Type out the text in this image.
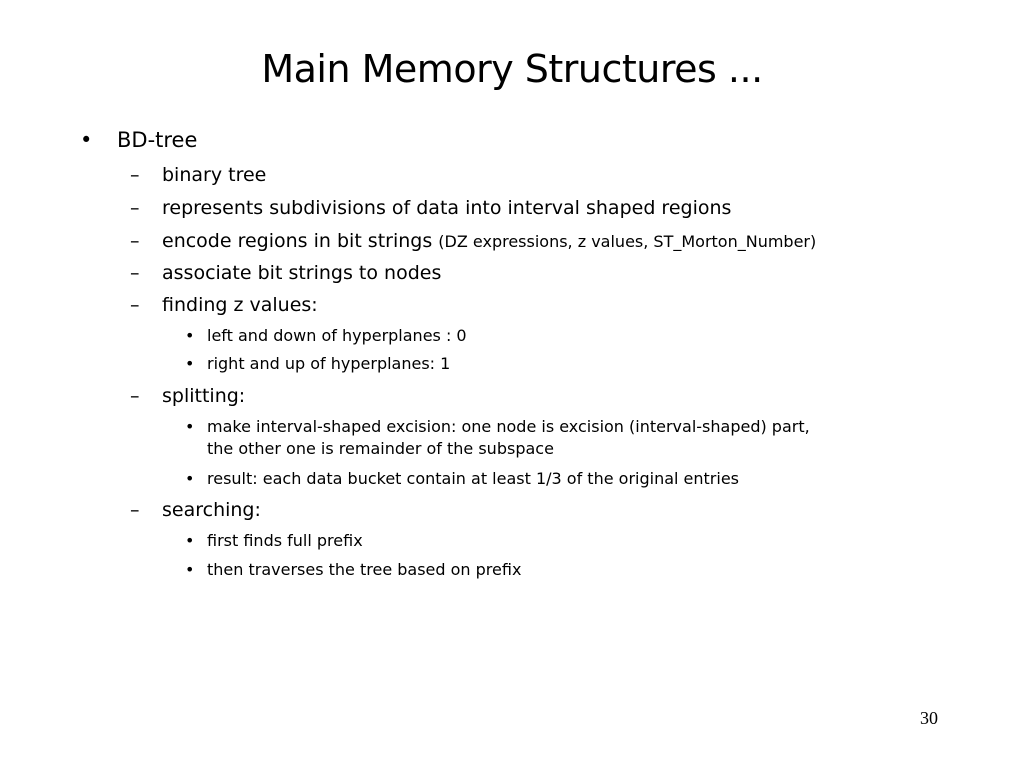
Main Memory Structures ...
• BD-tree
– binary tree
– represents subdivisions of data into interval shaped regions
– encode regions in bit strings (DZ expressions, z values, ST_Morton_Number)
– associate bit strings to nodes
– finding z values:
• left and down of hyperplanes : 0
• right and up of hyperplanes: 1
– splitting:
• make interval-shaped excision: one node is excision (interval-shaped) part,
the other one is remainder of the subspace
• result: each data bucket contain at least 1/3 of the original entries
– searching:
• first finds full prefix
• then traverses the tree based on prefix
30
